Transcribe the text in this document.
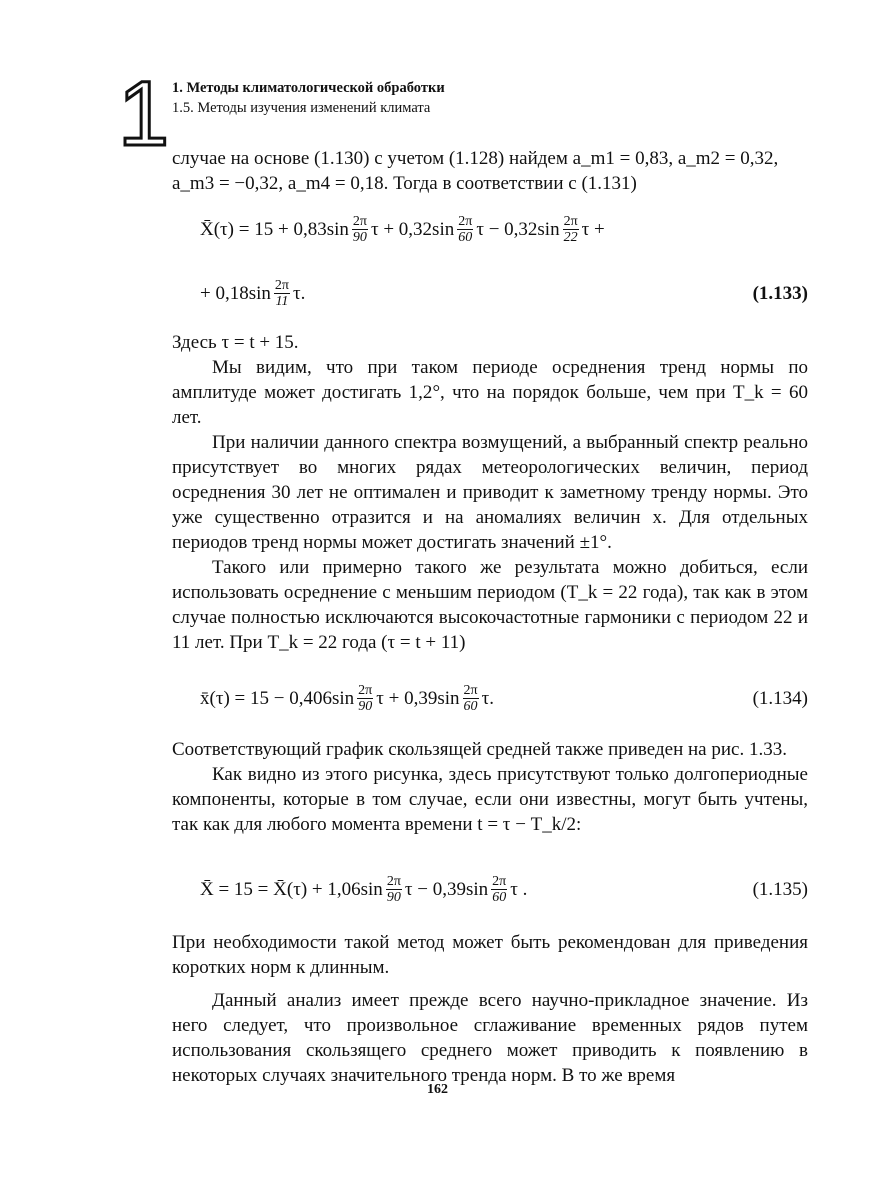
1 1. Методы климатологической обработки
1.5. Методы изучения изменений климата

случае на основе (1.130) с учетом (1.128) найдем a_m1 = 0,83, a_m2 = 0,32,

a_m3 = −0,32, a_m4 = 0,18. Тогда в соответствии с (1.131)

X̄(τ)
= $15 + 0,83\sin \frac{2\pi}{90}$ $\tau + 0,32\sin \frac{2\pi}{60}$ $\tau - 0,32\sin \frac{2\pi}{22}$ τ +
+ $0,18\sin \frac{2\pi}{11} \tau$.	(1.133)

Здесь τ = t + 15.

Мы видим, что при таком периоде осреднения тренд нормы по амплитуде может достигать 1,2°, что на порядок больше, чем при T_k = 60 лет.

При наличии данного спектра возмущений, а выбранный спектр реально присутствует во многих рядах метеорологических величин, период осреднения 30 лет не оптимален и приводит к заметному тренду нормы. Это уже существенно отразится и на аномалиях величин x. Для отдельных периодов тренд нормы может достигать значений ±1°.

Такого или примерно такого же результата можно добиться, если использовать осреднение с меньшим периодом (T_k = 22 года), так как в этом случае полностью исключаются высокочастотные гармоники с периодом 22 и 11 лет. При T_k = 22 года (τ = t + 11)

x̄(τ)
= $15 - 0,406\sin \frac{2\pi}{90}$ $\tau + 0,39\sin \frac{2\pi}{60} \tau$.	(1.134)

Соответствующий график скользящей средней также приведен на рис. 1.33.

Как видно из этого рисунка, здесь присутствуют только долгопериодные компоненты, которые в том случае, если они известны, могут быть учтены, так как для любого момента времени t = τ − T_k/2:

X̄ = 15 = X̄(τ) + $1,06\sin \frac{2\pi}{90}$ $\tau - 0,39\sin \frac{2\pi}{60}$ τ .	(1.135)

При необходимости такой метод может быть рекомендован для приведения коротких норм к длинным.

Данный анализ имеет прежде всего научно-прикладное значение. Из него следует, что произвольное сглаживание временных рядов путем использования скользящего среднего может приводить к появлению в некоторых случаях значительного тренда норм. В то же время

162
